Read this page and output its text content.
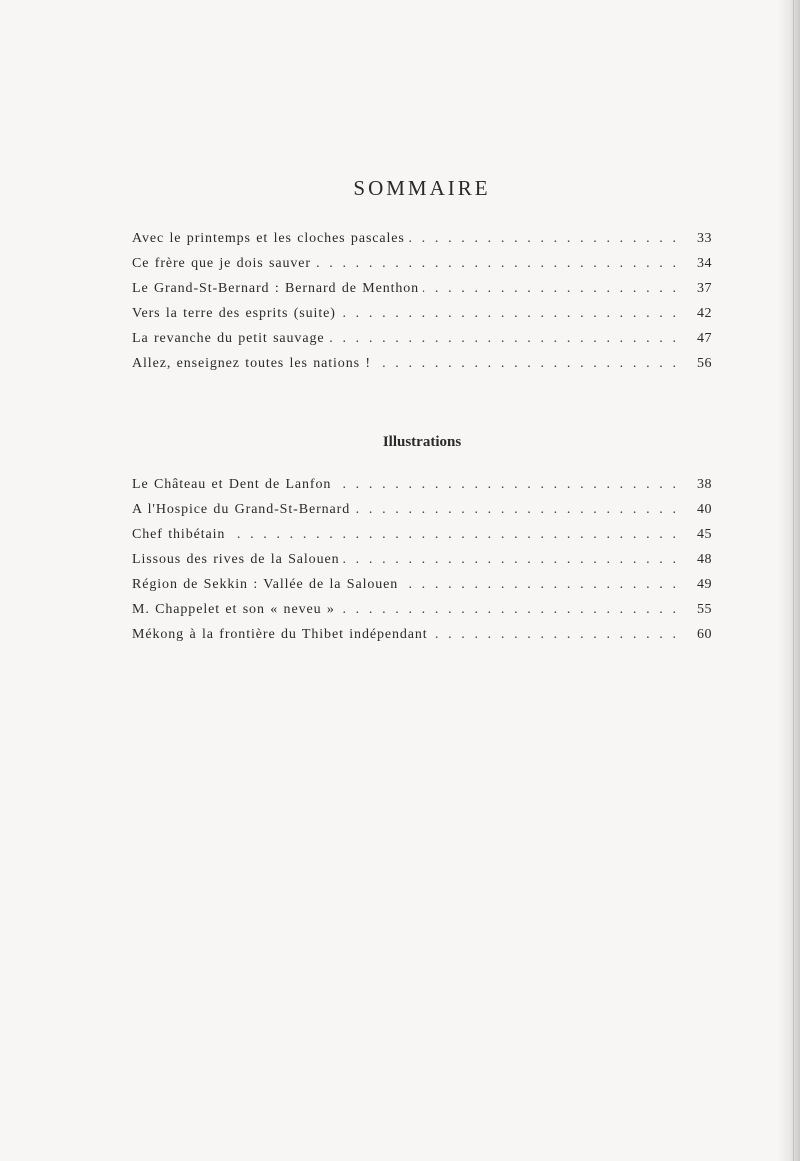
SOMMAIRE
Avec le printemps et les cloches pascales . . .	33
Ce frère que je dois sauver . . .	34
Le Grand-St-Bernard : Bernard de Menthon . . .	37
Vers la terre des esprits (suite) . . .	42
La revanche du petit sauvage . . .	47
Allez, enseignez toutes les nations ! . . .	56
Illustrations
Le Château et Dent de Lanfon . . .	38
A l'Hospice du Grand-St-Bernard . . .	40
Chef thibétain . . .	45
Lissous des rives de la Salouen . . .	48
Région de Sekkin : Vallée de la Salouen . . .	49
M. Chappelet et son « neveu » . . .	55
Mékong à la frontière du Thibet indépendant . . .	60
